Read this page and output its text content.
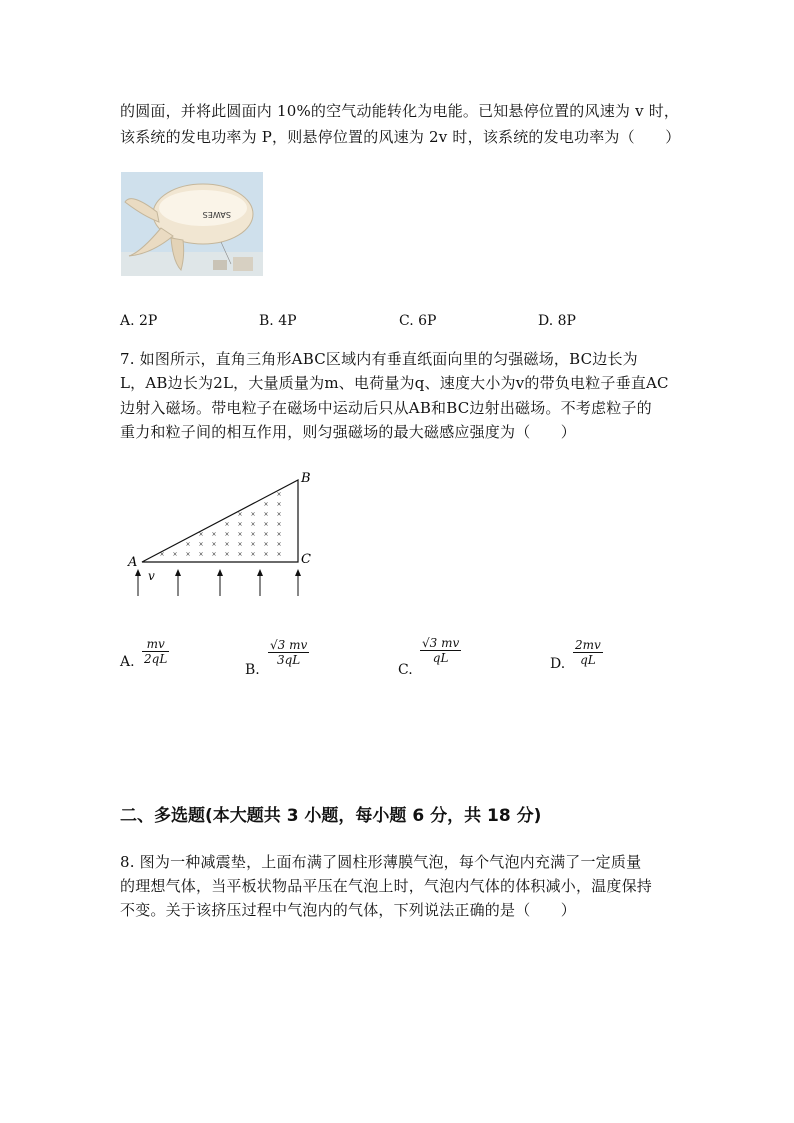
的圆面，并将此圆面内 10%的空气动能转化为电能。已知悬停位置的风速为 v 时，
该系统的发电功率为 P，则悬停位置的风速为 2v 时，该系统的发电功率为（　　）
SAWES
A. 2P	B. 4P	C. 6P	D. 8P
7. 如图所示，直角三角形ABC区域内有垂直纸面向里的匀强磁场，BC边长为
L，AB边长为2L，大量质量为m、电荷量为q、速度大小为v的带负电粒子垂直AC
边射入磁场。带电粒子在磁场中运动后只从AB和BC边射出磁场。不考虑粒子的
重力和粒子间的相互作用，则匀强磁场的最大磁感应强度为（　　）
× × ×
×
×
×
×
×
×
×
×
×
×
×
×
×
×
×
×
×
×
×
×
×
×
×
×
×
×
×
×
×
×
×
×
×
×
A
B
C
v
A. $\frac{mv}{2qL}$
B.
$\frac{√3 mv}{3qL}$
C.
$\frac{√3 mv}{qL}$	D. $\frac{2mv}{qL}$
二、多选题(本大题共 3 小题，每小题 6 分，共 18 分)
8. 图为一种减震垫，上面布满了圆柱形薄膜气泡，每个气泡内充满了一定质量
的理想气体，当平板状物品平压在气泡上时，气泡内气体的体积减小，温度保持
不变。关于该挤压过程中气泡内的气体，下列说法正确的是（　　）
